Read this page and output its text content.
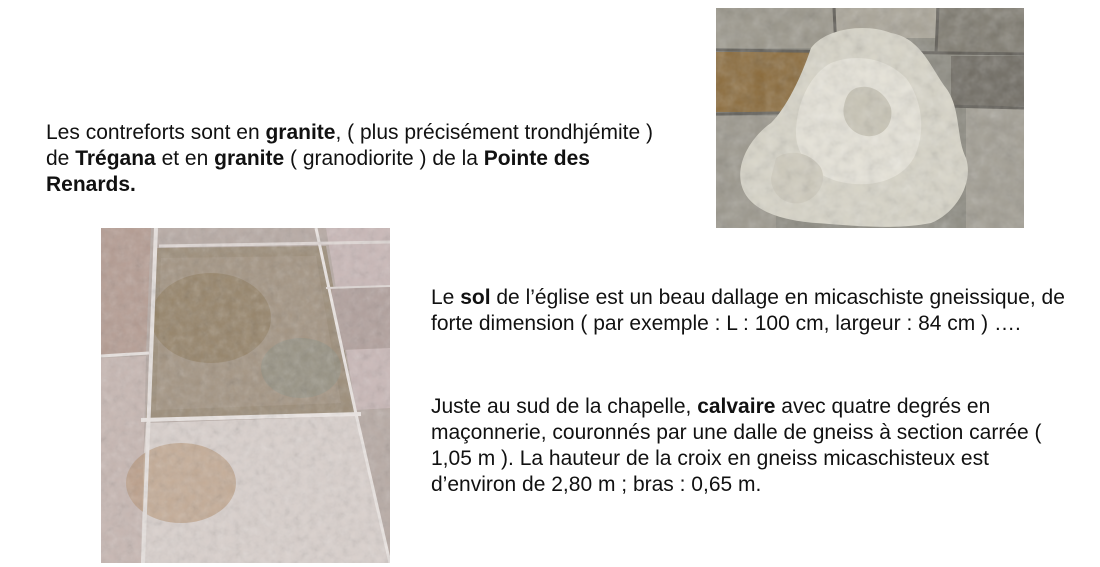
Les contreforts sont en granite, ( plus précisément trondhjémite ) de Trégana et en granite ( granodiorite ) de la Pointe des Renards.

Le sol de l’église est un beau dallage en micaschiste gneissique, de forte dimension ( par exemple : L : 100 cm, largeur : 84 cm ) ….

Juste au sud de la chapelle, calvaire avec quatre degrés en maçonnerie, couronnés par une dalle de gneiss à section carrée ( 1,05 m ). La hauteur de la croix en gneiss micaschisteux est d’environ de 2,80 m ; bras : 0,65 m.
